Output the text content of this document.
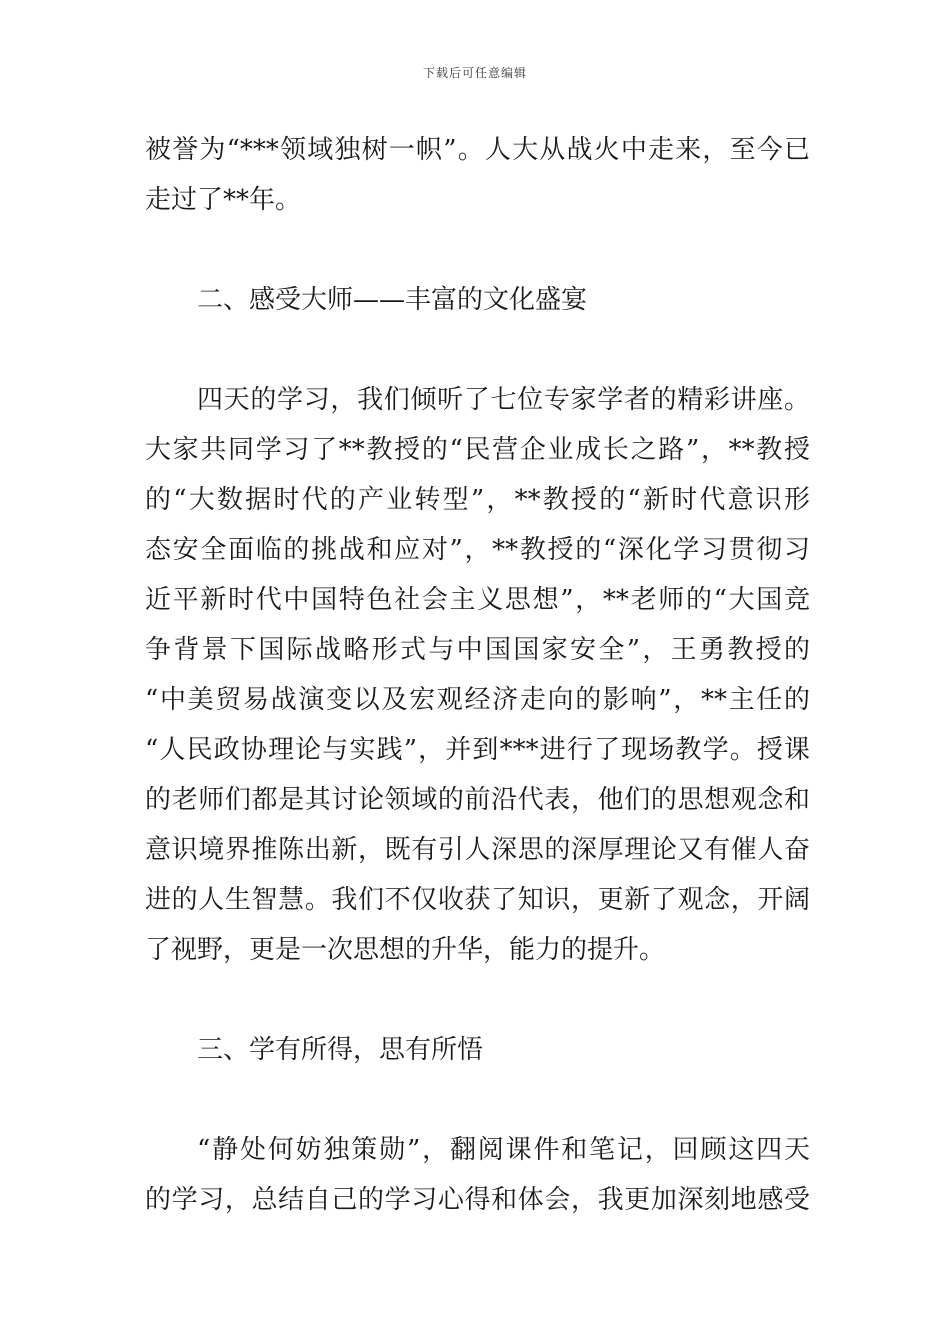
下载后可任意编辑
被誉为“***领域独树一帜”。人大从战火中走来，至今已
走过了**年。
二、感受大师——丰富的文化盛宴
四天的学习，我们倾听了七位专家学者的精彩讲座。
大家共同学习了**教授的“民营企业成长之路”，**教授
的“大数据时代的产业转型”，**教授的“新时代意识形
态安全面临的挑战和应对”，**教授的“深化学习贯彻习
近平新时代中国特色社会主义思想”，**老师的“大国竞
争背景下国际战略形式与中国国家安全”，王勇教授的
“中美贸易战演变以及宏观经济走向的影响”，**主任的
“人民政协理论与实践”，并到***进行了现场教学。授课
的老师们都是其讨论领域的前沿代表，他们的思想观念和
意识境界推陈出新，既有引人深思的深厚理论又有催人奋
进的人生智慧。我们不仅收获了知识，更新了观念，开阔
了视野，更是一次思想的升华，能力的提升。
三、学有所得，思有所悟
“静处何妨独策勋”，翻阅课件和笔记，回顾这四天
的学习，总结自己的学习心得和体会，我更加深刻地感受
